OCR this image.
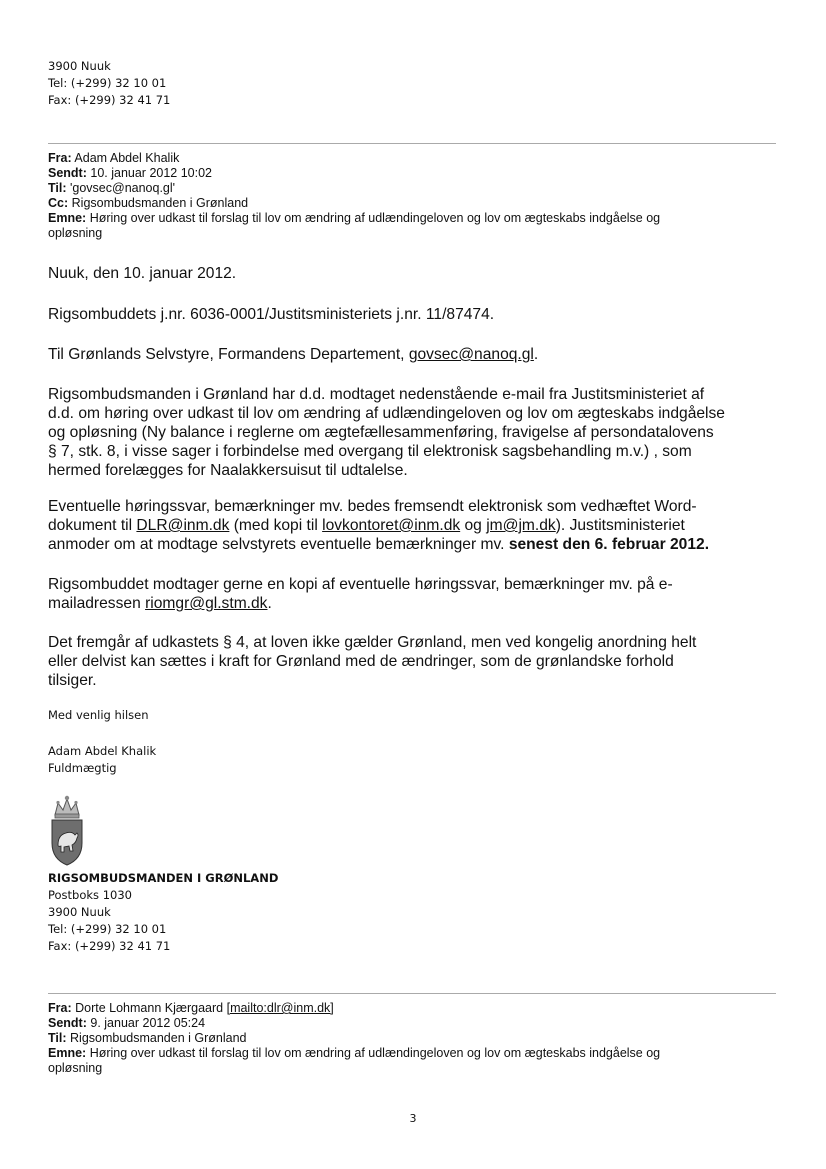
3900 Nuuk
Tel: (+299) 32 10 01
Fax: (+299) 32 41 71
Fra: Adam Abdel Khalik
Sendt: 10. januar 2012 10:02
Til: 'govsec@nanoq.gl'
Cc: Rigsombudsmanden i Grønland
Emne: Høring over udkast til forslag til lov om ændring af udlændingeloven og lov om ægteskabs indgåelse og
opløsning
Nuuk, den 10. januar 2012.
Rigsombuddets j.nr. 6036-0001/Justitsministeriets j.nr. 11/87474.
Til Grønlands Selvstyre, Formandens Departement, govsec@nanoq.gl.
Rigsombudsmanden i Grønland har d.d. modtaget nedenstående e-mail fra Justitsministeriet af
d.d. om høring over udkast til lov om ændring af udlændingeloven og lov om ægteskabs indgåelse
og opløsning (Ny balance i reglerne om ægtefællesammenføring, fravigelse af persondatalovens
§ 7, stk. 8, i visse sager i forbindelse med overgang til elektronisk sagsbehandling m.v.) , som
hermed forelægges for Naalakkersuisut til udtalelse.
Eventuelle høringssvar, bemærkninger mv. bedes fremsendt elektronisk som vedhæftet Word-
dokument til DLR@inm.dk (med kopi til lovkontoret@inm.dk og jm@jm.dk). Justitsministeriet
anmoder om at modtage selvstyrets eventuelle bemærkninger mv. senest den 6. februar 2012.
Rigsombuddet modtager gerne en kopi af eventuelle høringssvar, bemærkninger mv. på e-
mailadressen riomgr@gl.stm.dk.
Det fremgår af udkastets § 4, at loven ikke gælder Grønland, men ved kongelig anordning helt
eller delvist kan sættes i kraft for Grønland med de ændringer, som de grønlandske forhold
tilsiger.
Med venlig hilsen
Adam Abdel Khalik
Fuldmægtig
RIGSOMBUDSMANDEN I GRØNLAND
Postboks 1030
3900 Nuuk
Tel: (+299) 32 10 01
Fax: (+299) 32 41 71
Fra: Dorte Lohmann Kjærgaard [mailto:dlr@inm.dk]
Sendt: 9. januar 2012 05:24
Til: Rigsombudsmanden i Grønland
Emne: Høring over udkast til forslag til lov om ændring af udlændingeloven og lov om ægteskabs indgåelse og
opløsning
3
